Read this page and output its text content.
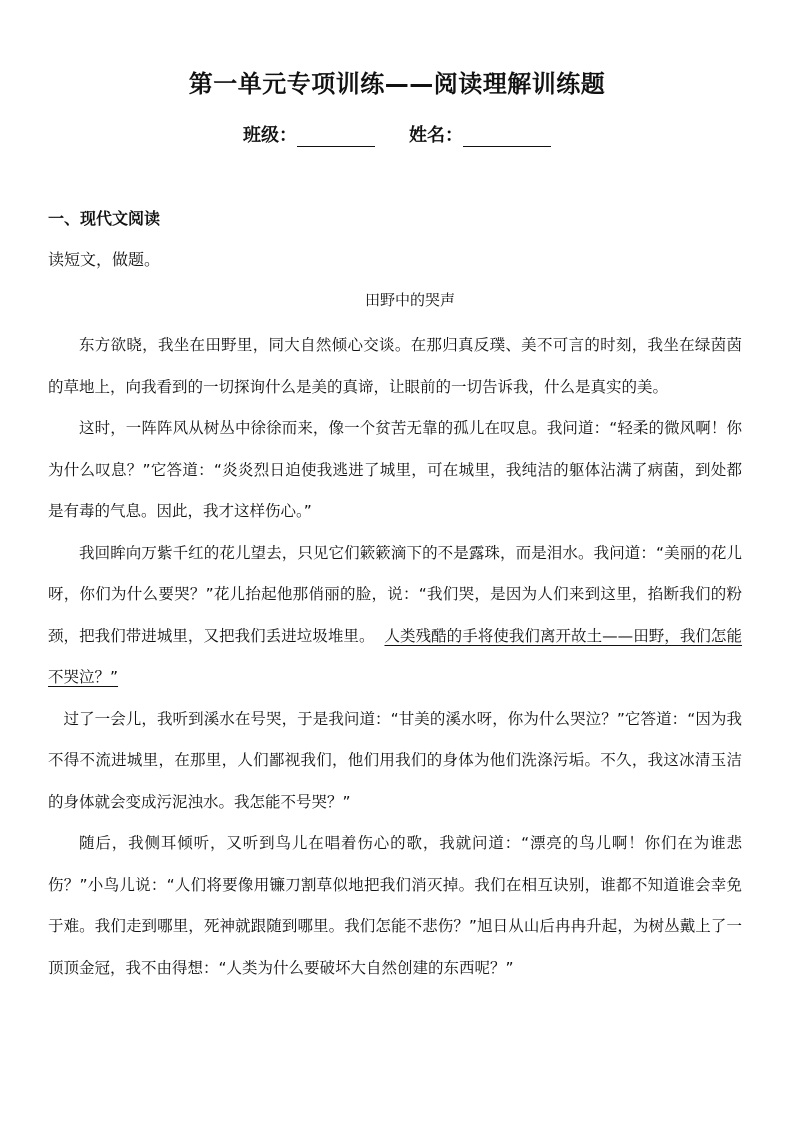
第一单元专项训练——阅读理解训练题
班级：	姓名：
一、现代文阅读
读短文，做题。
田野中的哭声

东方欲晓，我坐在田野里，同大自然倾心交谈。在那归真反璞、美不可言的时刻，我坐在绿茵茵的草地上，向我看到的一切探询什么是美的真谛，让眼前的一切告诉我，什么是真实的美。

这时，一阵阵风从树丛中徐徐而来，像一个贫苦无靠的孤儿在叹息。我问道：“轻柔的微风啊！你为什么叹息？”它答道：“炎炎烈日迫使我逃进了城里，可在城里，我纯洁的躯体沾满了病菌，到处都是有毒的气息。因此，我才这样伤心。”

我回眸向万紫千红的花儿望去，只见它们簌簌滴下的不是露珠，而是泪水。我问道：“美丽的花儿呀，你们为什么要哭？”花儿抬起他那俏丽的脸，说：“我们哭，是因为人们来到这里，掐断我们的粉颈，把我们带进城里，又把我们丢进垃圾堆里。 人类残酷的手将使我们离开故土——田野，我们怎能不哭泣？”

过了一会儿，我听到溪水在号哭，于是我问道：“甘美的溪水呀，你为什么哭泣？”它答道：“因为我不得不流进城里，在那里，人们鄙视我们，他们用我们的身体为他们洗涤污垢。不久，我这冰清玉洁的身体就会变成污泥浊水。我怎能不号哭？”

随后，我侧耳倾听，又听到鸟儿在唱着伤心的歌，我就问道：“漂亮的鸟儿啊！你们在为谁悲伤？”小鸟儿说：“人们将要像用镰刀割草似地把我们消灭掉。我们在相互诀别，谁都不知道谁会幸免于难。我们走到哪里，死神就跟随到哪里。我们怎能不悲伤？”旭日从山后冉冉升起，为树丛戴上了一顶顶金冠，我不由得想：“人类为什么要破坏大自然创建的东西呢？”
